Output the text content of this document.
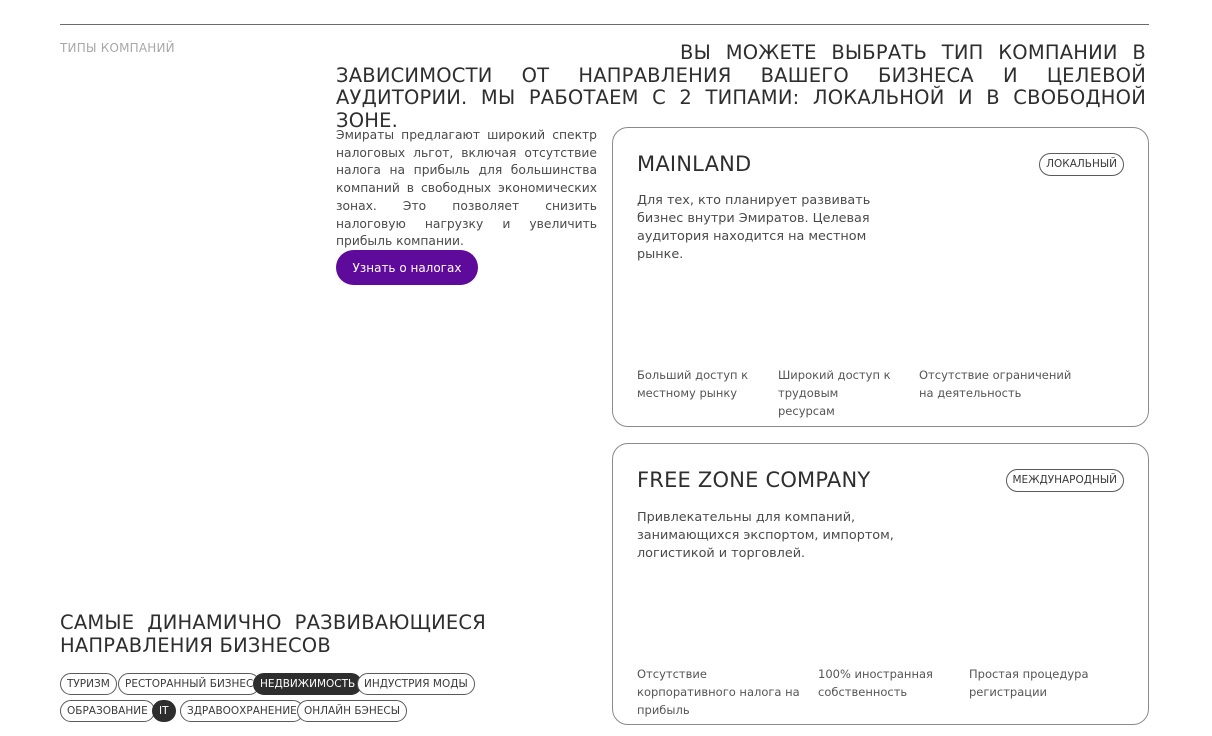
ТИПЫ КОМПАНИЙ	ВЫ МОЖЕТЕ ВЫБРАТЬ ТИП КОМПАНИИ В ЗАВИСИМОСТИ ОТ НАПРАВЛЕНИЯ ВАШЕГО БИЗНЕСА И ЦЕЛЕВОЙ АУДИТОРИИ. МЫ РАБОТАЕМ С 2 ТИПАМИ: ЛОКАЛЬНОЙ И В СВОБОДНОЙ ЗОНЕ.

Эмираты предлагают широкий спектр налоговых льгот, включая отсутствие налога на прибыль для большинства компаний в свободных экономических зонах. Это позволяет снизить налоговую нагрузку и увеличить прибыль компании.

Узнать о налогах
MAINLAND	ЛОКАЛЬНЫЙ
Для тех, кто планирует развивать бизнес внутри Эмиратов. Целевая аудитория находится на местном рынке.
Больший доступ к местному рынку
Широкий доступ к трудовым ресурсам
Отсутствие ограничений на деятельность
FREE ZONE COMPANY	МЕЖДУНАРОДНЫЙ
Привлекательны для компаний, занимающихся экспортом, импортом, логистикой и торговлей.
Отсутствие корпоративного налога на прибыль
100% иностранная собственность
Простая процедура регистрации
САМЫЕ ДИНАМИЧНО РАЗВИВАЮЩИЕСЯ НАПРАВЛЕНИЯ БИЗНЕСОВ
ТУРИЗМ	РЕСТОРАННЫЙ БИЗНЕС НЕДВИЖИМОСТЬ ИНДУСТРИЯ МОДЫ
ОБРАЗОВАНИЕ	IT	ЗДРАВООХРАНЕНИЕ ОНЛАЙН БЭНЕСЫ
